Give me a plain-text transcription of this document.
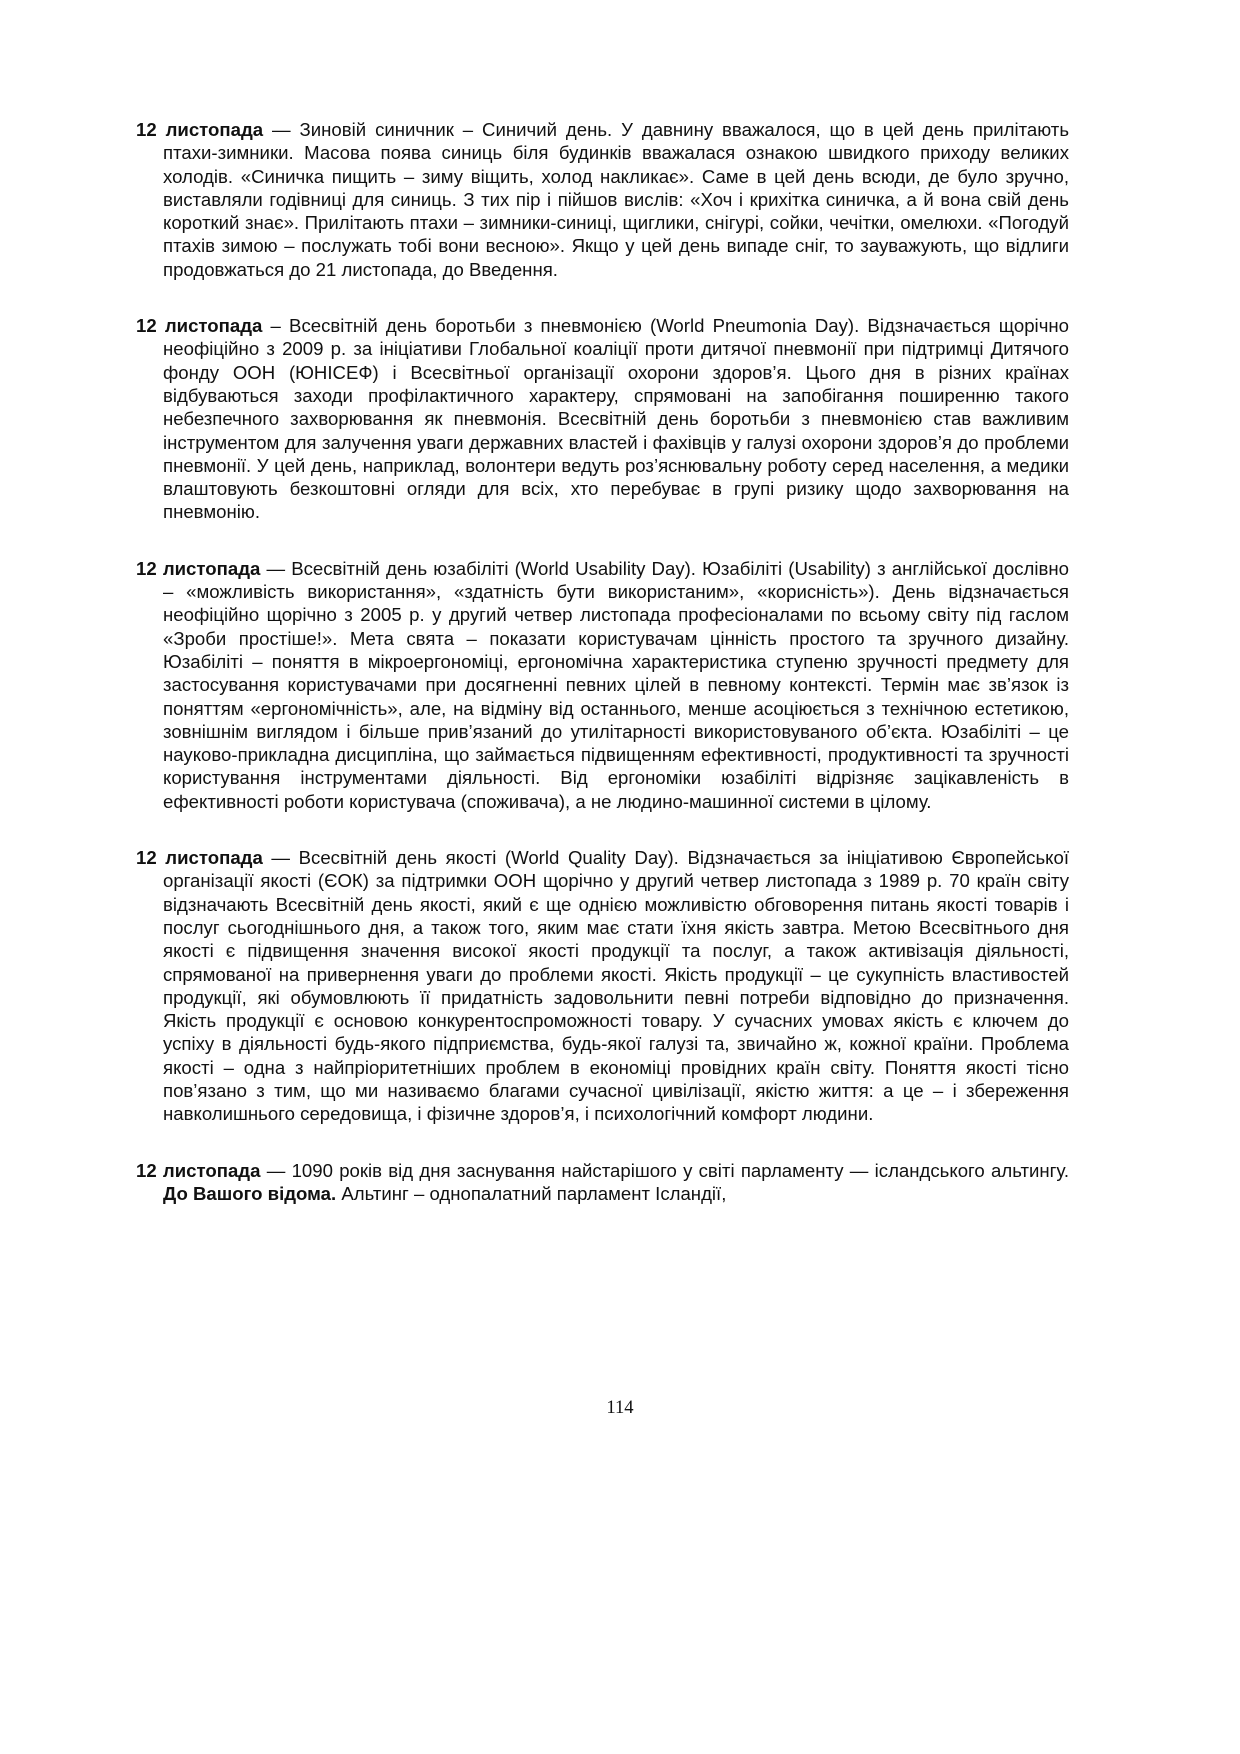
12 листопада — Зиновій синичник – Синичий день. У давнину вважалося, що в цей день прилітають птахи-зимники. Масова поява синиць біля будинків вважалася ознакою швидкого приходу великих холодів. «Синичка пищить – зиму віщить, холод накликає». Саме в цей день всюди, де було зручно, виставляли годівниці для синиць. З тих пір і пійшов вислів: «Хоч і крихітка синичка, а й вона свій день короткий знає». Прилітають птахи – зимники-синиці, щиглики, снігурі, сойки, чечітки, омелюхи. «Погодуй птахів зимою – послужать тобі вони весною». Якщо у цей день випаде сніг, то зауважують, що відлиги продовжаться до 21 листопада, до Введення.

12 листопада – Всесвітній день боротьби з пневмонією (World Pneumonia Day). Відзначається щорічно неофіційно з 2009 р. за ініціативи Глобальної коаліції проти дитячої пневмонії при підтримці Дитячого фонду ООН (ЮНІСЕФ) і Всесвітньої організації охорони здоров’я. Цього дня в різних країнах відбуваються заходи профілактичного характеру, спрямовані на запобігання поширенню такого небезпечного захворювання як пневмонія. Всесвітній день боротьби з пневмонією став важливим інструментом для залучення уваги державних властей і фахівців у галузі охорони здоров’я до проблеми пневмонії. У цей день, наприклад, волонтери ведуть роз’яснювальну роботу серед населення, а медики влаштовують безкоштовні огляди для всіх, хто перебуває в групі ризику щодо захворювання на пневмонію.

12 листопада — Всесвітній день юзабіліті (World Usability Day). Юзабіліті (Usability) з англійської дослівно – «можливість використання», «здатність бути використаним», «корисність»). День відзначається неофіційно щорічно з 2005 р. у другий четвер листопада професіоналами по всьому світу під гаслом «Зроби простіше!». Мета свята – показати користувачам цінність простого та зручного дизайну. Юзабіліті – поняття в мікроергономіці, ергономічна характеристика ступеню зручності предмету для застосування користувачами при досягненні певних цілей в певному контексті. Термін має зв’язок із поняттям «ергономічність», але, на відміну від останнього, менше асоціюється з технічною естетикою, зовнішнім виглядом і більше прив’язаний до утилітарності використовуваного об’єкта. Юзабіліті – це науково-прикладна дисципліна, що займається підвищенням ефективності, продуктивності та зручності користування інструментами діяльності. Від ергономіки юзабіліті відрізняє зацікавленість в ефективності роботи користувача (споживача), а не людино-машинної системи в цілому.

12 листопада — Всесвітній день якості (World Quality Day). Відзначається за ініціативою Європейської організації якості (ЄОК) за підтримки ООН щорічно у другий четвер листопада з 1989 р. 70 країн світу відзначають Всесвітній день якості, який є ще однією можливістю обговорення питань якості товарів і послуг сьогоднішнього дня, а також того, яким має стати їхня якість завтра. Метою Всесвітнього дня якості є підвищення значення високої якості продукції та послуг, а також активізація діяльності, спрямованої на привернення уваги до проблеми якості. Якість продукції – це сукупність властивостей продукції, які обумовлюють її придатність задовольнити певні потреби відповідно до призначення. Якість продукції є основою конкурентоспроможності товару. У сучасних умовах якість є ключем до успіху в діяльності будь-якого підприємства, будь-якої галузі та, звичайно ж, кожної країни. Проблема якості – одна з найпріоритетніших проблем в економіці провідних країн світу. Поняття якості тісно пов’язано з тим, що ми називаємо благами сучасної цивілізації, якістю життя: а це – і збереження навколишнього середовища, і фізичне здоров’я, і психологічний комфорт людини.

12 листопада — 1090 років від дня заснування найстарішого у світі парламенту — ісландського альтингу. До Вашого відома. Альтинг – однопалатний парламент Ісландії,

114
